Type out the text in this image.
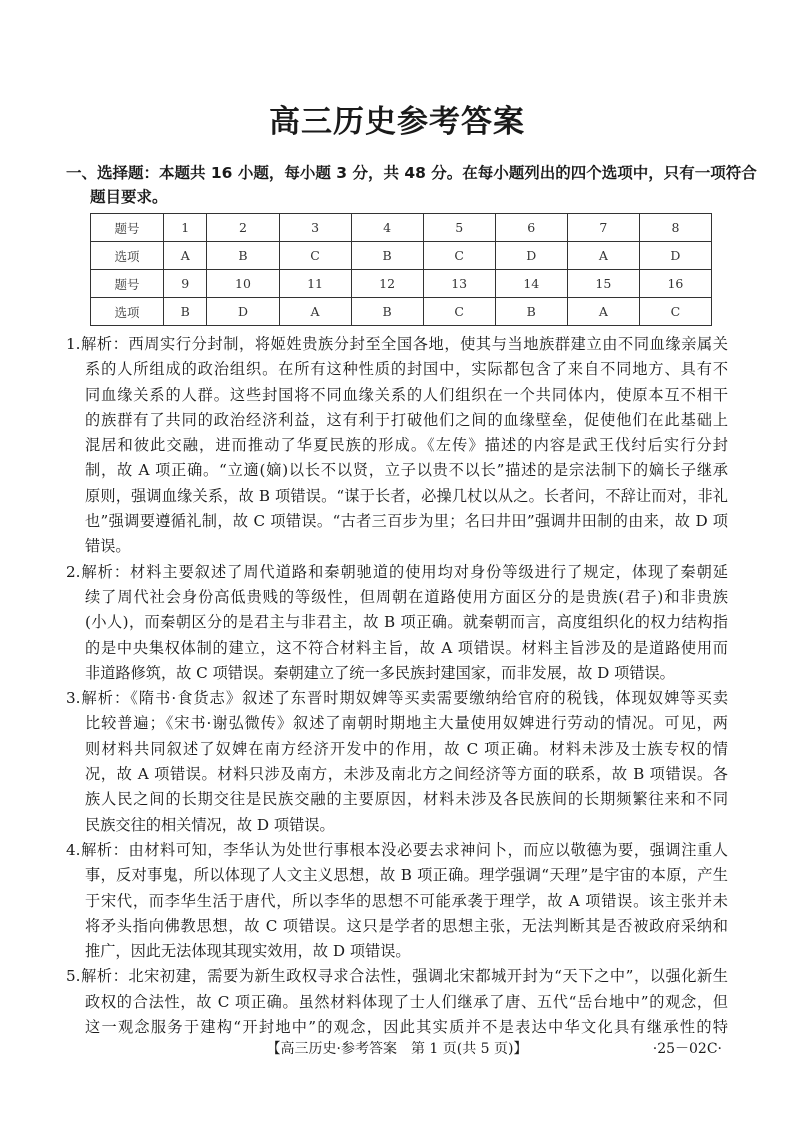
高三历史参考答案
一、选择题：本题共 16 小题，每小题 3 分，共 48 分。在每小题列出的四个选项中，只有一项符合
题目要求。
题号	1	2	3	4	5	6	7	8
选项	A	B	C	B	C	D	A	D
题号	9	10	11	12	13	14	15	16
选项	B	D	A	B	C	B	A	C
1.解析：西周实行分封制，将姬姓贵族分封至全国各地，使其与当地族群建立由不同血缘亲属关
系的人所组成的政治组织。在所有这种性质的封国中，实际都包含了来自不同地方、具有不
同血缘关系的人群。这些封国将不同血缘关系的人们组织在一个共同体内，使原本互不相干
的族群有了共同的政治经济利益，这有利于打破他们之间的血缘壁垒，促使他们在此基础上
混居和彼此交融，进而推动了华夏民族的形成。《左传》描述的内容是武王伐纣后实行分封
制，故 A 项正确。“立適(嫡)以长不以贤，立子以贵不以长”描述的是宗法制下的嫡长子继承
原则，强调血缘关系，故 B 项错误。“谋于长者，必操几杖以从之。长者问，不辞让而对，非礼
也”强调要遵循礼制，故 C 项错误。“古者三百步为里；名曰井田”强调井田制的由来，故 D 项
错误。
2.解析：材料主要叙述了周代道路和秦朝驰道的使用均对身份等级进行了规定，体现了秦朝延
续了周代社会身份高低贵贱的等级性，但周朝在道路使用方面区分的是贵族(君子)和非贵族
(小人)，而秦朝区分的是君主与非君主，故 B 项正确。就秦朝而言，高度组织化的权力结构指
的是中央集权体制的建立，这不符合材料主旨，故 A 项错误。材料主旨涉及的是道路使用而
非道路修筑，故 C 项错误。秦朝建立了统一多民族封建国家，而非发展，故 D 项错误。
3.解析：《隋书·食货志》叙述了东晋时期奴婢等买卖需要缴纳给官府的税钱，体现奴婢等买卖
比较普遍；《宋书·谢弘微传》叙述了南朝时期地主大量使用奴婢进行劳动的情况。可见，两
则材料共同叙述了奴婢在南方经济开发中的作用，故 C 项正确。材料未涉及士族专权的情
况，故 A 项错误。材料只涉及南方，未涉及南北方之间经济等方面的联系，故 B 项错误。各
族人民之间的长期交往是民族交融的主要原因，材料未涉及各民族间的长期频繁往来和不同
民族交往的相关情况，故 D 项错误。
4.解析：由材料可知，李华认为处世行事根本没必要去求神问卜，而应以敬德为要，强调注重人
事，反对事鬼，所以体现了人文主义思想，故 B 项正确。理学强调“天理”是宇宙的本原，产生
于宋代，而李华生活于唐代，所以李华的思想不可能承袭于理学，故 A 项错误。该主张并未
将矛头指向佛教思想，故 C 项错误。这只是学者的思想主张，无法判断其是否被政府采纳和
推广，因此无法体现其现实效用，故 D 项错误。
5.解析：北宋初建，需要为新生政权寻求合法性，强调北宋都城开封为“天下之中”，以强化新生
政权的合法性，故 C 项正确。虽然材料体现了士人们继承了唐、五代“岳台地中”的观念，但
这一观念服务于建构“开封地中”的观念，因此其实质并不是表达中华文化具有继承性的特
【高三历史·参考答案　第 1 页(共 5 页)】	·25－02C·
